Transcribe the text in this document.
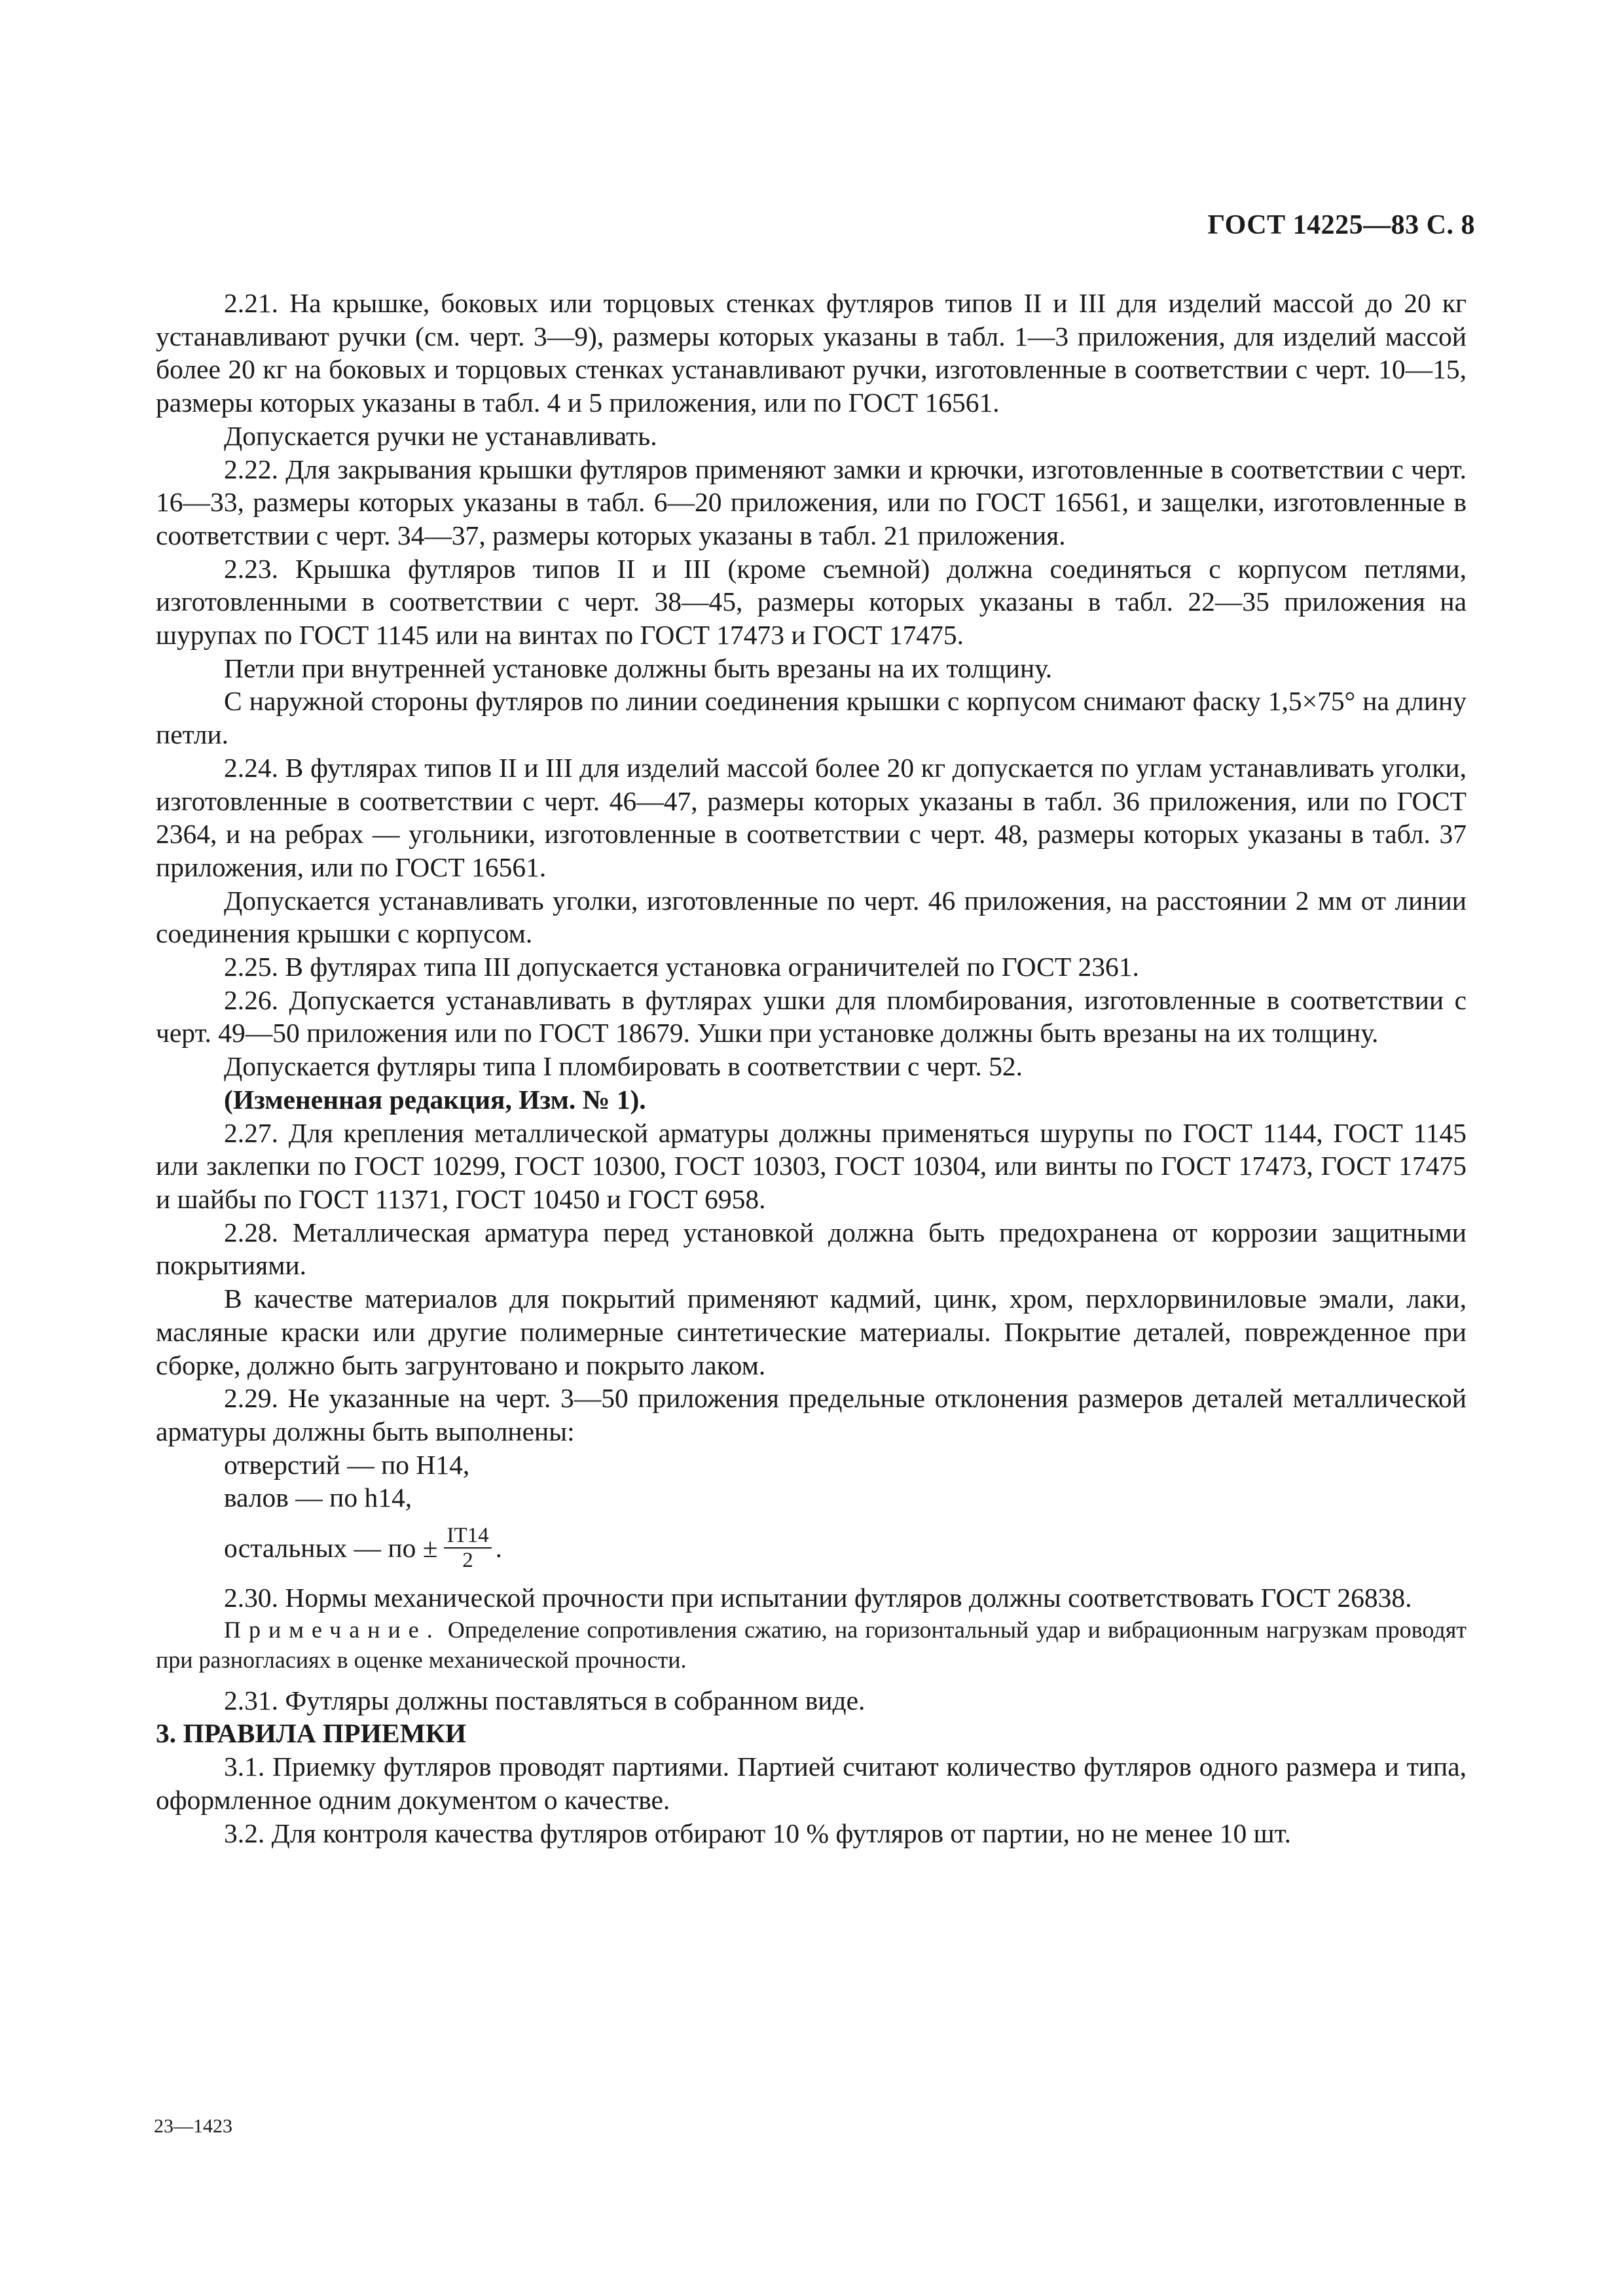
ГОСТ 14225—83 С. 8

2.21. На крышке, боковых или торцовых стенках футляров типов II и III для изделий массой до 20 кг устанавливают ручки (см. черт. 3—9), размеры которых указаны в табл. 1—3 приложения, для изделий массой более 20 кг на боковых и торцовых стенках устанавливают ручки, изготовленные в соответствии с черт. 10—15, размеры которых указаны в табл. 4 и 5 приложения, или по ГОСТ 16561.

Допускается ручки не устанавливать.

2.22. Для закрывания крышки футляров применяют замки и крючки, изготовленные в соответствии с черт. 16—33, размеры которых указаны в табл. 6—20 приложения, или по ГОСТ 16561, и защелки, изготовленные в соответствии с черт. 34—37, размеры которых указаны в табл. 21 приложения.

2.23. Крышка футляров типов II и III (кроме съемной) должна соединяться с корпусом петлями, изготовленными в соответствии с черт. 38—45, размеры которых указаны в табл. 22—35 приложения на шурупах по ГОСТ 1145 или на винтах по ГОСТ 17473 и ГОСТ 17475.

Петли при внутренней установке должны быть врезаны на их толщину.

С наружной стороны футляров по линии соединения крышки с корпусом снимают фаску 1,5×75° на длину петли.

2.24. В футлярах типов II и III для изделий массой более 20 кг допускается по углам устанавливать уголки, изготовленные в соответствии с черт. 46—47, размеры которых указаны в табл. 36 приложения, или по ГОСТ 2364, и на ребрах — угольники, изготовленные в соответствии с черт. 48, размеры которых указаны в табл. 37 приложения, или по ГОСТ 16561.

Допускается устанавливать уголки, изготовленные по черт. 46 приложения, на расстоянии 2 мм от линии соединения крышки с корпусом.

2.25. В футлярах типа III допускается установка ограничителей по ГОСТ 2361.

2.26. Допускается устанавливать в футлярах ушки для пломбирования, изготовленные в соответствии с черт. 49—50 приложения или по ГОСТ 18679. Ушки при установке должны быть врезаны на их толщину.

Допускается футляры типа I пломбировать в соответствии с черт. 52.

(Измененная редакция, Изм. № 1).

2.27. Для крепления металлической арматуры должны применяться шурупы по ГОСТ 1144, ГОСТ 1145 или заклепки по ГОСТ 10299, ГОСТ 10300, ГОСТ 10303, ГОСТ 10304, или винты по ГОСТ 17473, ГОСТ 17475 и шайбы по ГОСТ 11371, ГОСТ 10450 и ГОСТ 6958.

2.28. Металлическая арматура перед установкой должна быть предохранена от коррозии защитными покрытиями.

В качестве материалов для покрытий применяют кадмий, цинк, хром, перхлорвиниловые эмали, лаки, масляные краски или другие полимерные синтетические материалы. Покрытие деталей, поврежденное при сборке, должно быть загрунтовано и покрыто лаком.

2.29. Не указанные на черт. 3—50 приложения предельные отклонения размеров деталей металлической арматуры должны быть выполнены:

отверстий — по H14,

валов — по h14,

остальных — по ± $\frac{IT14}{2}$ .

2.30. Нормы механической прочности при испытании футляров должны соответствовать ГОСТ 26838.

Примечание. Определение сопротивления сжатию, на горизонтальный удар и вибрационным нагрузкам проводят при разногласиях в оценке механической прочности.

2.31. Футляры должны поставляться в собранном виде.

3. ПРАВИЛА ПРИЕМКИ

3.1. Приемку футляров проводят партиями. Партией считают количество футляров одного размера и типа, оформленное одним документом о качестве.

3.2. Для контроля качества футляров отбирают 10 % футляров от партии, но не менее 10 шт.

23—1423
